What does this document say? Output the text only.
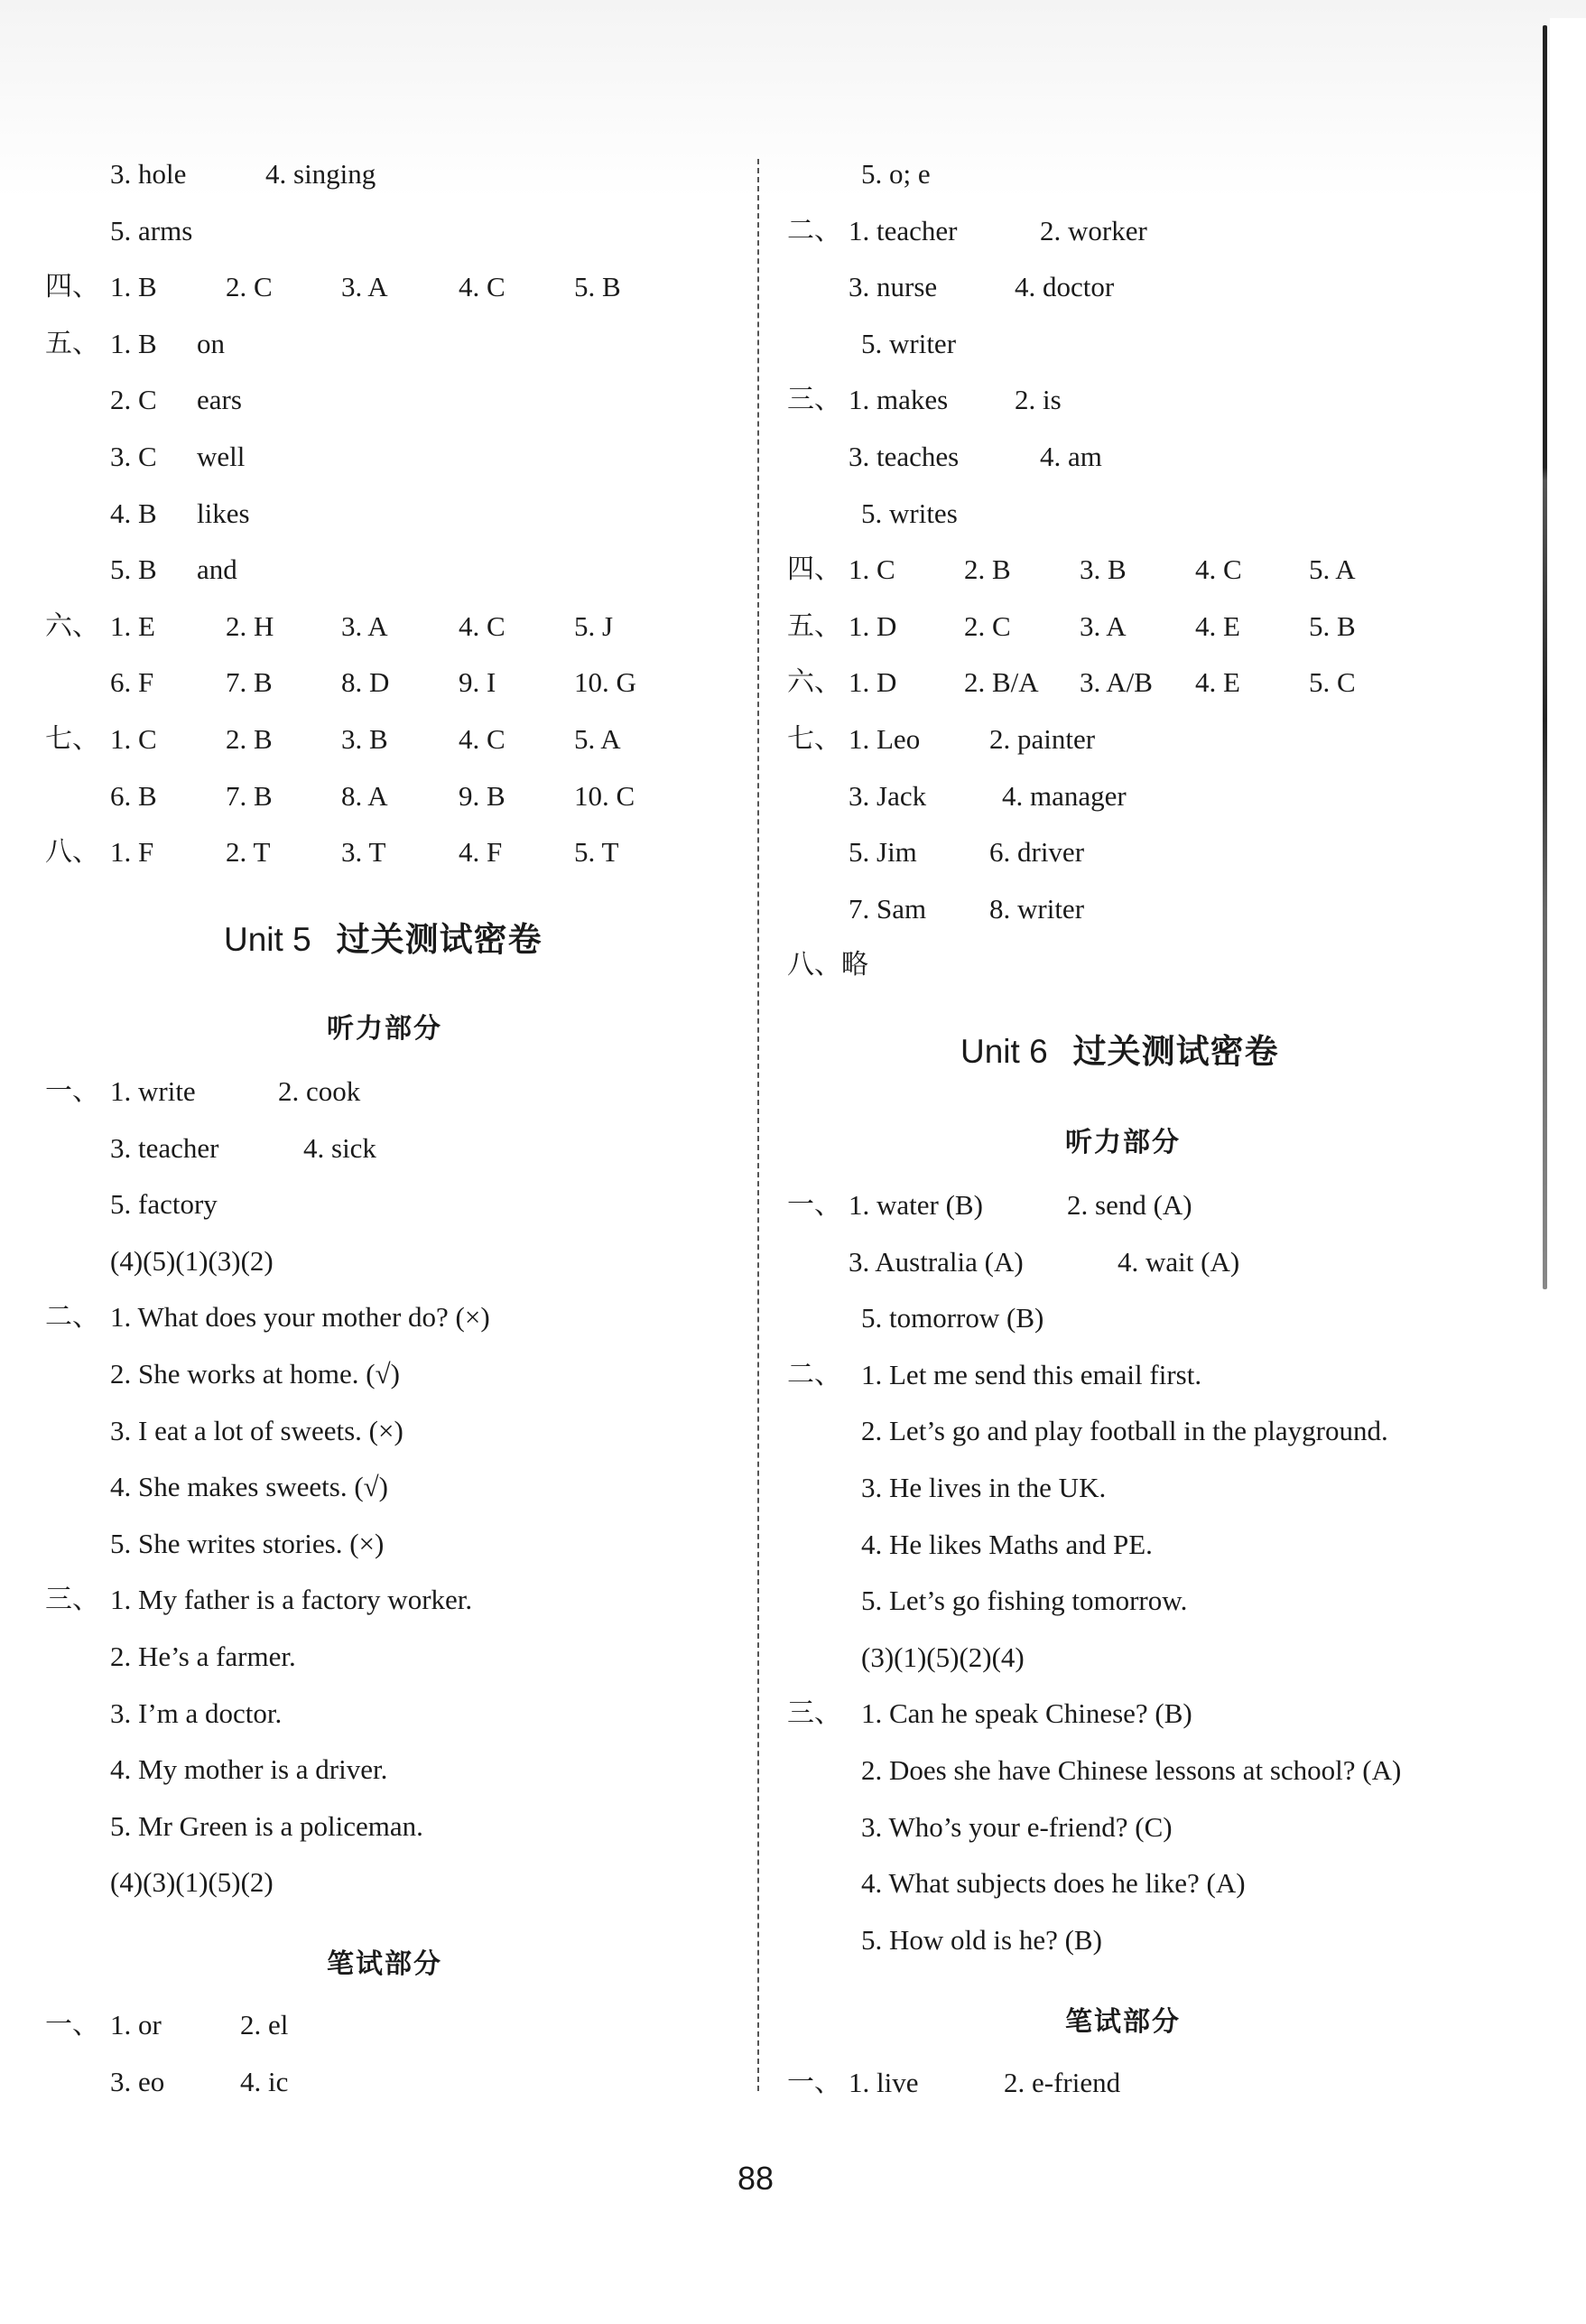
3. hole	4. singing
5. arms
四、 1. B 2. C 3. A	4. C 5. B
五、 1. B on
2. C ears
3. C well
4. B likes
5. B and
六、 1. E	2. H 3. A	4. C 5. J
6. F	7. B 8. D 9. I	10. G
七、 1. C 2. B 3. B	4. C 5. A
6. B 7. B 8. A	9. B 10. C
八、 1. F	2. T	3. T	4. F	5. T
Unit 5 过关测试密卷
听力部分
一、 1. write	2. cook
3. teacher	4. sick
5. factory
(4)(5)(1)(3)(2)
二、 1. What does your mother do? (×)
2. She works at home. (√)
3. I eat a lot of sweets. (×)
4. She makes sweets. (√)
5. She writes stories. (×)
三、 1. My father is a factory worker.
2. He’s a farmer.
3. I’m a doctor.
4. My mother is a driver.
5. Mr Green is a policeman.
(4)(3)(1)(5)(2)
笔试部分
一、 1. or	2. el
3. eo	4. ic
5. o; e
二、 1. teacher	2. worker
3. nurse	4. doctor
5. writer
三、 1. makes 2. is
3. teaches	4. am
5. writes
四、 1. C 2. B 3. B 4. C 5. A
五、 1. D 2. C 3. A 4. E 5. B
六、 1. D 2. B/A 3. A/B 4. E 5. C
七、 1. Leo 2. painter
3. Jack	4. manager
5. Jim	6. driver
7. Sam 8. writer
八、略
Unit 6 过关测试密卷
听力部分
一、 1. water (B)	2. send (A)
3. Australia (A)	4. wait (A)
5. tomorrow (B)
二、 1. Let me send this email first.
2. Let’s go and play football in the playground.
3. He lives in the UK.
4. He likes Maths and PE.
5. Let’s go fishing tomorrow.
(3)(1)(5)(2)(4)
三、 1. Can he speak Chinese? (B)
2. Does she have Chinese lessons at school? (A)
3. Who’s your e-friend? (C)
4. What subjects does he like? (A)
5. How old is he? (B)
笔试部分
一、 1. live	2. e-friend
88
